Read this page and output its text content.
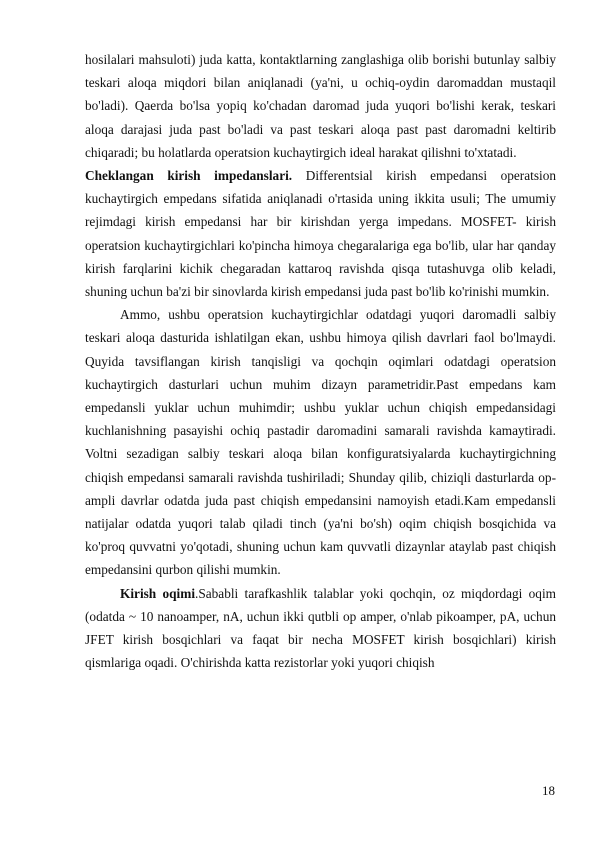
hosilalari mahsuloti) juda katta, kontaktlarning zanglashiga olib borishi butunlay salbiy teskari aloqa miqdori bilan aniqlanadi (ya'ni, u ochiq-oydin daromaddan mustaqil bo'ladi). Qaerda bo'lsa yopiq ko'chadan daromad juda yuqori bo'lishi kerak, teskari aloqa darajasi juda past bo'ladi va past teskari aloqa past past daromadni keltirib chiqaradi; bu holatlarda operatsion kuchaytirgich ideal harakat qilishni to'xtatadi.

Cheklangan kirish impedanslari. Differentsial kirish empedansi operatsion kuchaytirgich empedans sifatida aniqlanadi o'rtasida uning ikkita usuli; The umumiy rejimdagi kirish empedansi har bir kirishdan yerga impedans. MOSFET- kirish operatsion kuchaytirgichlari ko'pincha himoya chegaralariga ega bo'lib, ular har qanday kirish farqlarini kichik chegaradan kattaroq ravishda qisqa tutashuvga olib keladi, shuning uchun ba'zi bir sinovlarda kirish empedansi juda past bo'lib ko'rinishi mumkin.

Ammo, ushbu operatsion kuchaytirgichlar odatdagi yuqori daromadli salbiy teskari aloqa dasturida ishlatilgan ekan, ushbu himoya qilish davrlari faol bo'lmaydi. Quyida tavsiflangan kirish tanqisligi va qochqin oqimlari odatdagi operatsion kuchaytirgich dasturlari uchun muhim dizayn parametridir.Past empedans kam empedansli yuklar uchun muhimdir; ushbu yuklar uchun chiqish empedansidagi kuchlanishning pasayishi ochiq pastadir daromadini samarali ravishda kamaytiradi. Voltni sezadigan salbiy teskari aloqa bilan konfiguratsiyalarda kuchaytirgichning chiqish empedansi samarali ravishda tushiriladi; Shunday qilib, chiziqli dasturlarda op-ampli davrlar odatda juda past chiqish empedansini namoyish etadi.Kam empedansli natijalar odatda yuqori talab qiladi tinch (ya'ni bo'sh) oqim chiqish bosqichida va ko'proq quvvatni yo'qotadi, shuning uchun kam quvvatli dizaynlar ataylab past chiqish empedansini qurbon qilishi mumkin.

Kirish oqimi.Sababli tarafkashlik talablar yoki qochqin, oz miqdordagi oqim (odatda ~ 10 nanoamper, nA, uchun ikki qutbli op amper, o'nlab pikoamper, pA, uchun JFET kirish bosqichlari va faqat bir necha MOSFET kirish bosqichlari) kirish qismlariga oqadi. O'chirishda katta rezistorlar yoki yuqori chiqish

18
